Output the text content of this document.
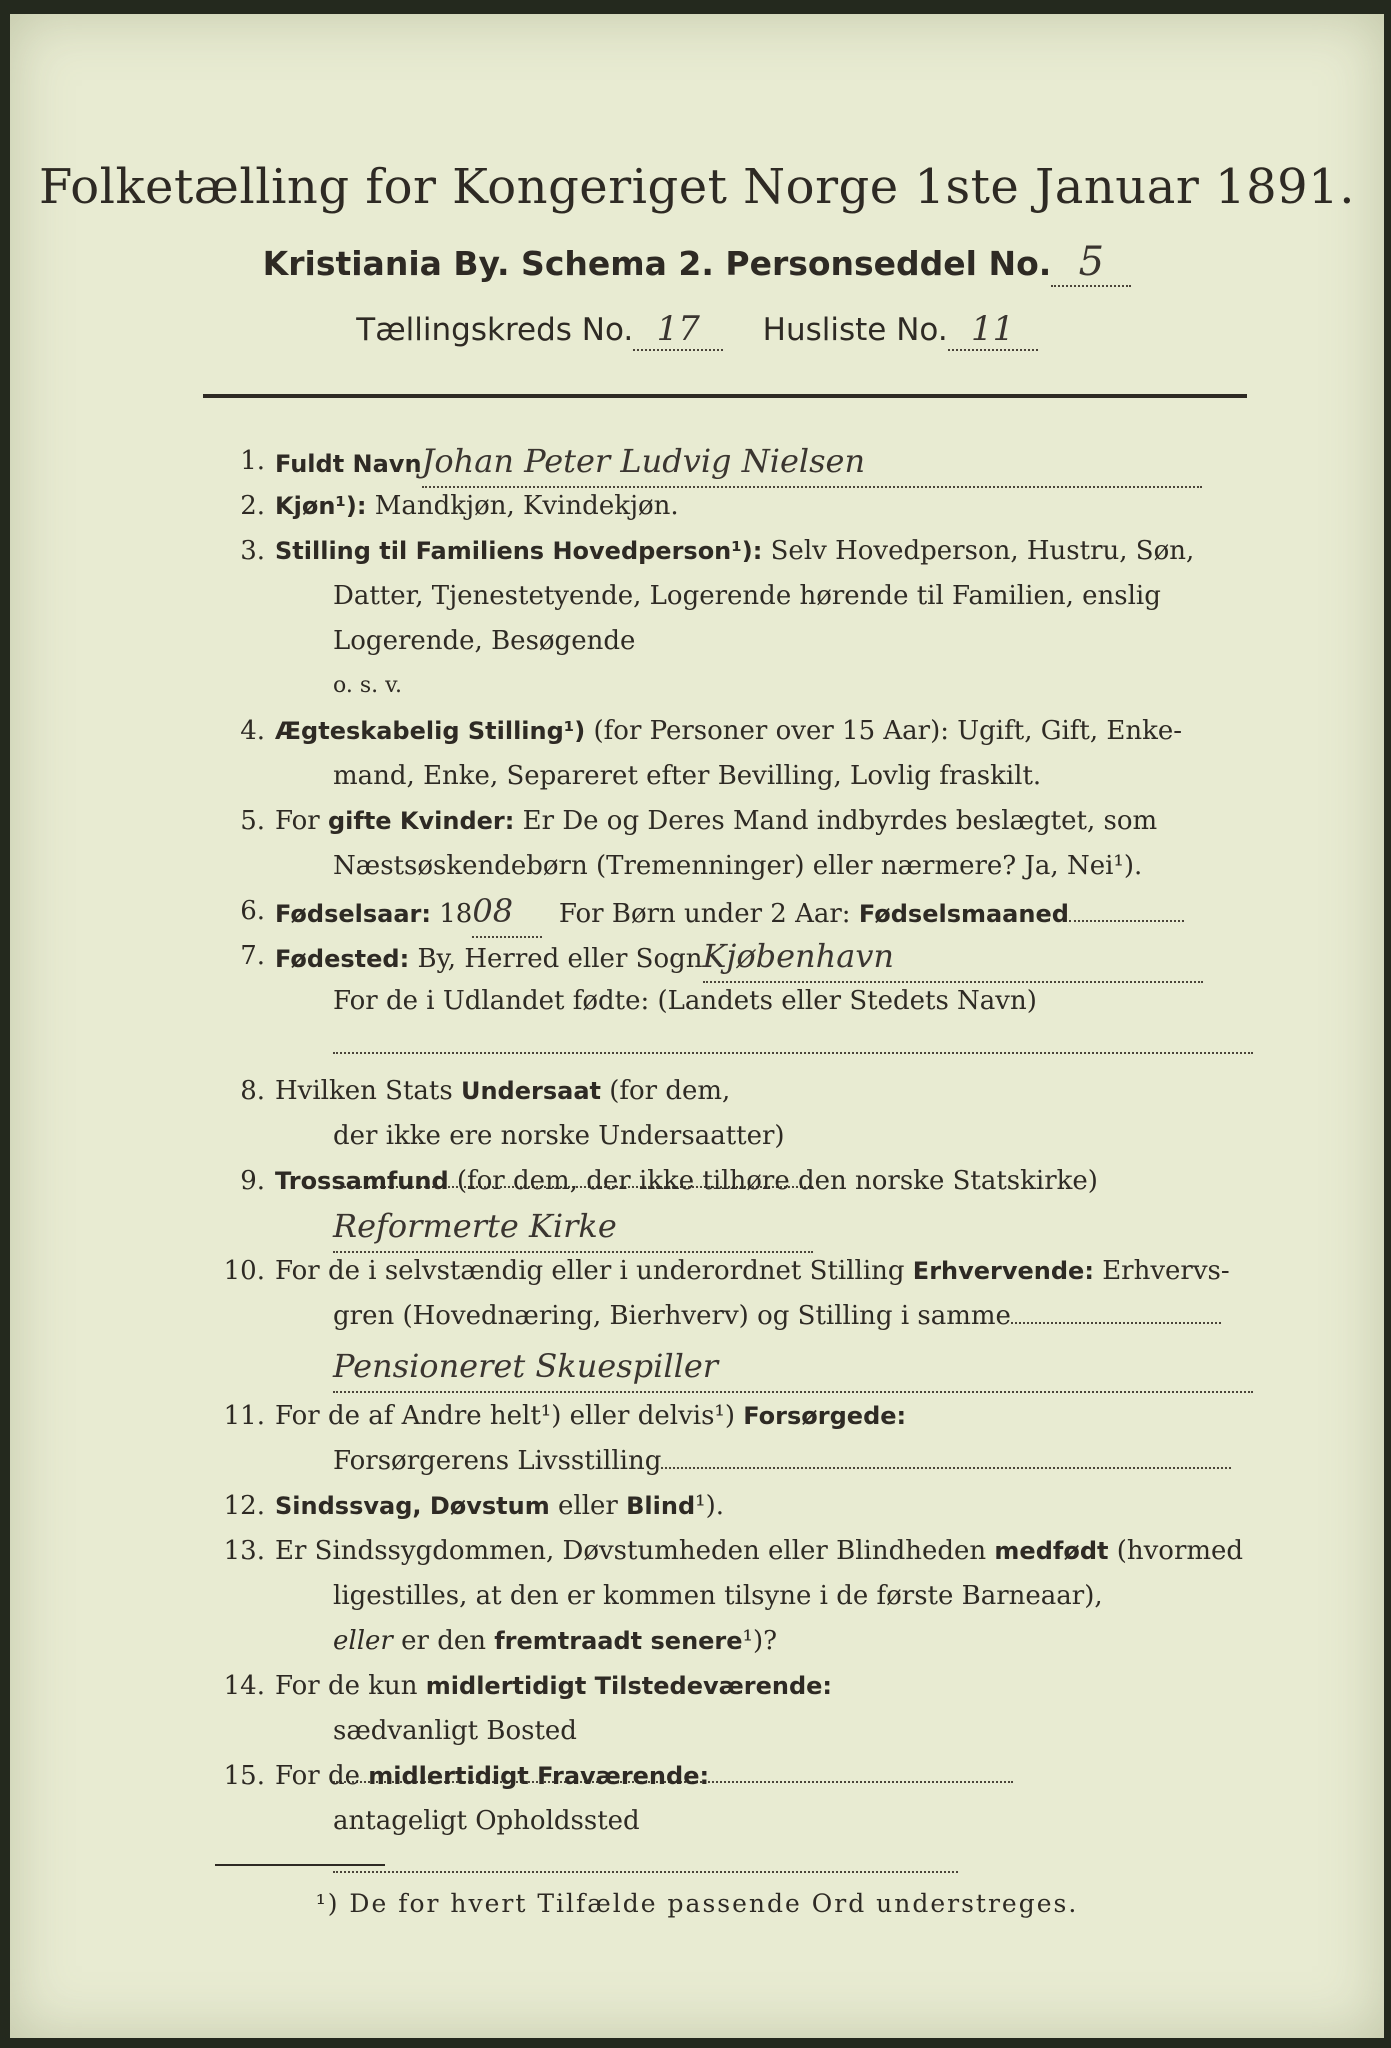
Folketælling for Kongeriget Norge 1ste Januar 1891.
Kristiania By. Schema 2. Personseddel No. 5
Tællingskreds No. 17 Husliste No. 11
1. Fuldt NavnJohan Peter Ludvig Nielsen
2. Kjøn¹): Mandkjøn, Kvindekjøn.
3. Stilling til Familiens Hovedperson¹): Selv Hovedperson, Hustru, Søn,
Datter, Tjenestetyende, Logerende hørende til Familien, enslig
Logerende, Besøgende
o. s. v.
4. Ægteskabelig Stilling¹) (for Personer over 15 Aar): Ugift, Gift, Enke-
mand, Enke, Separeret efter Bevilling, Lovlig fraskilt.
5. For gifte Kvinder: Er De og Deres Mand indbyrdes beslægtet, som
Næstsøskendebørn (Tremenninger) eller nærmere? Ja, Nei¹).
6. Fødselsaar: 1808 For Børn under 2 Aar: Fødselsmaaned
7. Fødested: By, Herred eller SognKjøbenhavn
For de i Udlandet fødte: (Landets eller Stedets Navn)
8. Hvilken Stats Undersaat (for dem,
der ikke ere norske Undersaatter)
9. Trossamfund (for dem, der ikke tilhøre den norske Statskirke)
Reformerte Kirke
10. For de i selvstændig eller i underordnet Stilling Erhvervende: Erhvervs-
gren (Hovednæring, Bierhverv) og Stilling i samme
Pensioneret Skuespiller
11. For de af Andre helt¹) eller delvis¹) Forsørgede:
Forsørgerens Livsstilling
12. Sindssvag, Døvstum eller Blind¹).
13. Er Sindssygdommen, Døvstumheden eller Blindheden medfødt (hvormed
ligestilles, at den er kommen tilsyne i de første Barneaar),
eller er den fremtraadt senere¹)?
14. For de kun midlertidigt Tilstedeværende:
sædvanligt Bosted
15. For de midlertidigt Fraværende:
antageligt Opholdssted
¹) De for hvert Tilfælde passende Ord understreges.
